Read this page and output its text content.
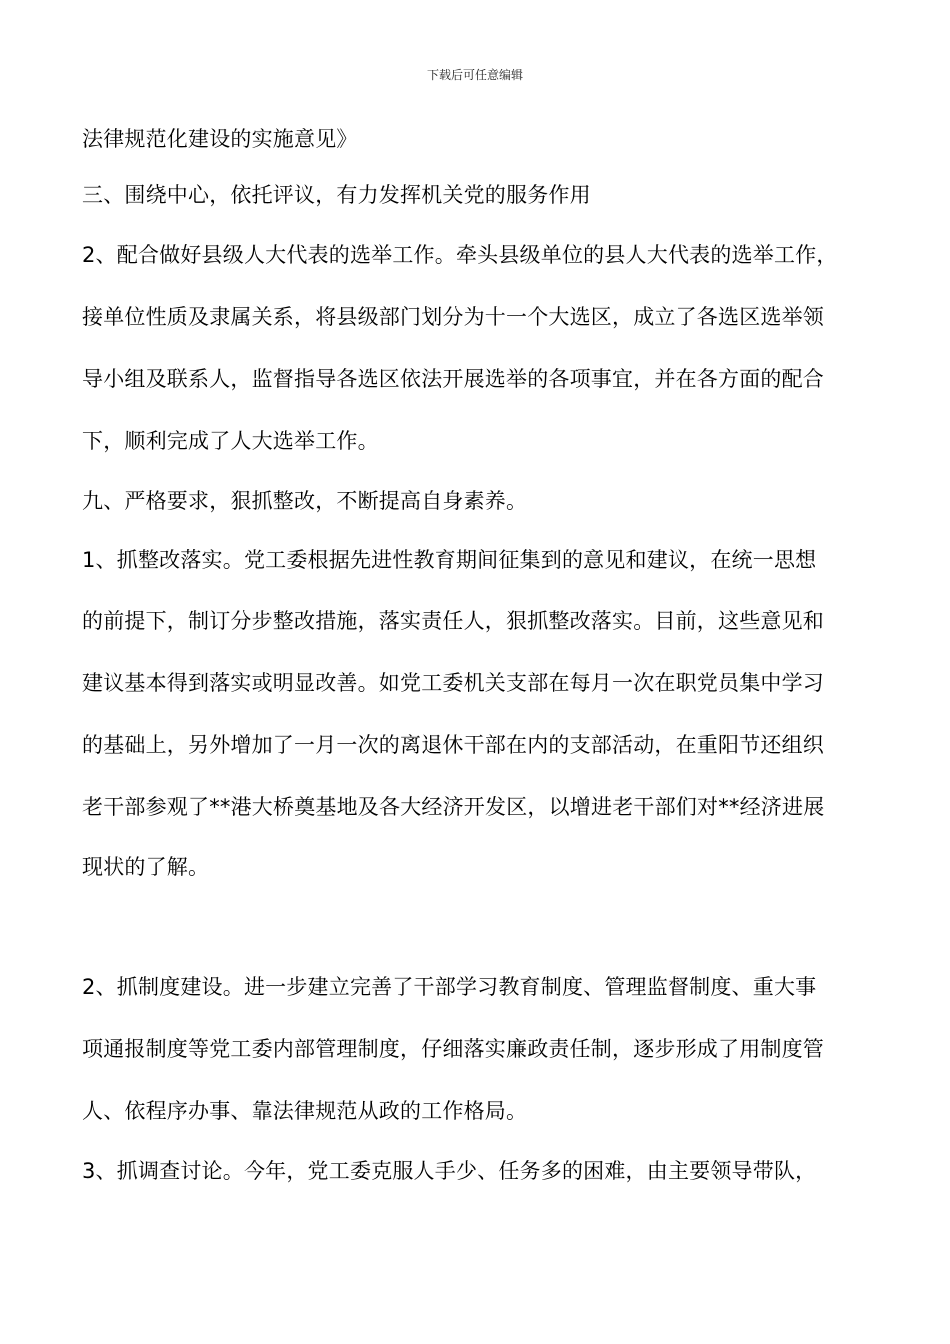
下载后可任意编辑
法律规范化建设的实施意见》
三、围绕中心，依托评议，有力发挥机关党的服务作用
2、配合做好县级人大代表的选举工作。牵头县级单位的县人大代表的选举工作，
接单位性质及隶属关系，将县级部门划分为十一个大选区，成立了各选区选举领
导小组及联系人，监督指导各选区依法开展选举的各项事宜，并在各方面的配合
下，顺利完成了人大选举工作。
九、严格要求，狠抓整改，不断提高自身素养。
1、抓整改落实。党工委根据先进性教育期间征集到的意见和建议，在统一思想
的前提下，制订分步整改措施，落实责任人，狠抓整改落实。目前，这些意见和
建议基本得到落实或明显改善。如党工委机关支部在每月一次在职党员集中学习
的基础上，另外增加了一月一次的离退休干部在内的支部活动，在重阳节还组织
老干部参观了**港大桥奠基地及各大经济开发区，以增进老干部们对**经济进展
现状的了解。
2、抓制度建设。进一步建立完善了干部学习教育制度、管理监督制度、重大事
项通报制度等党工委内部管理制度，仔细落实廉政责任制，逐步形成了用制度管
人、依程序办事、靠法律规范从政的工作格局。
3、抓调查讨论。今年，党工委克服人手少、任务多的困难，由主要领导带队，
